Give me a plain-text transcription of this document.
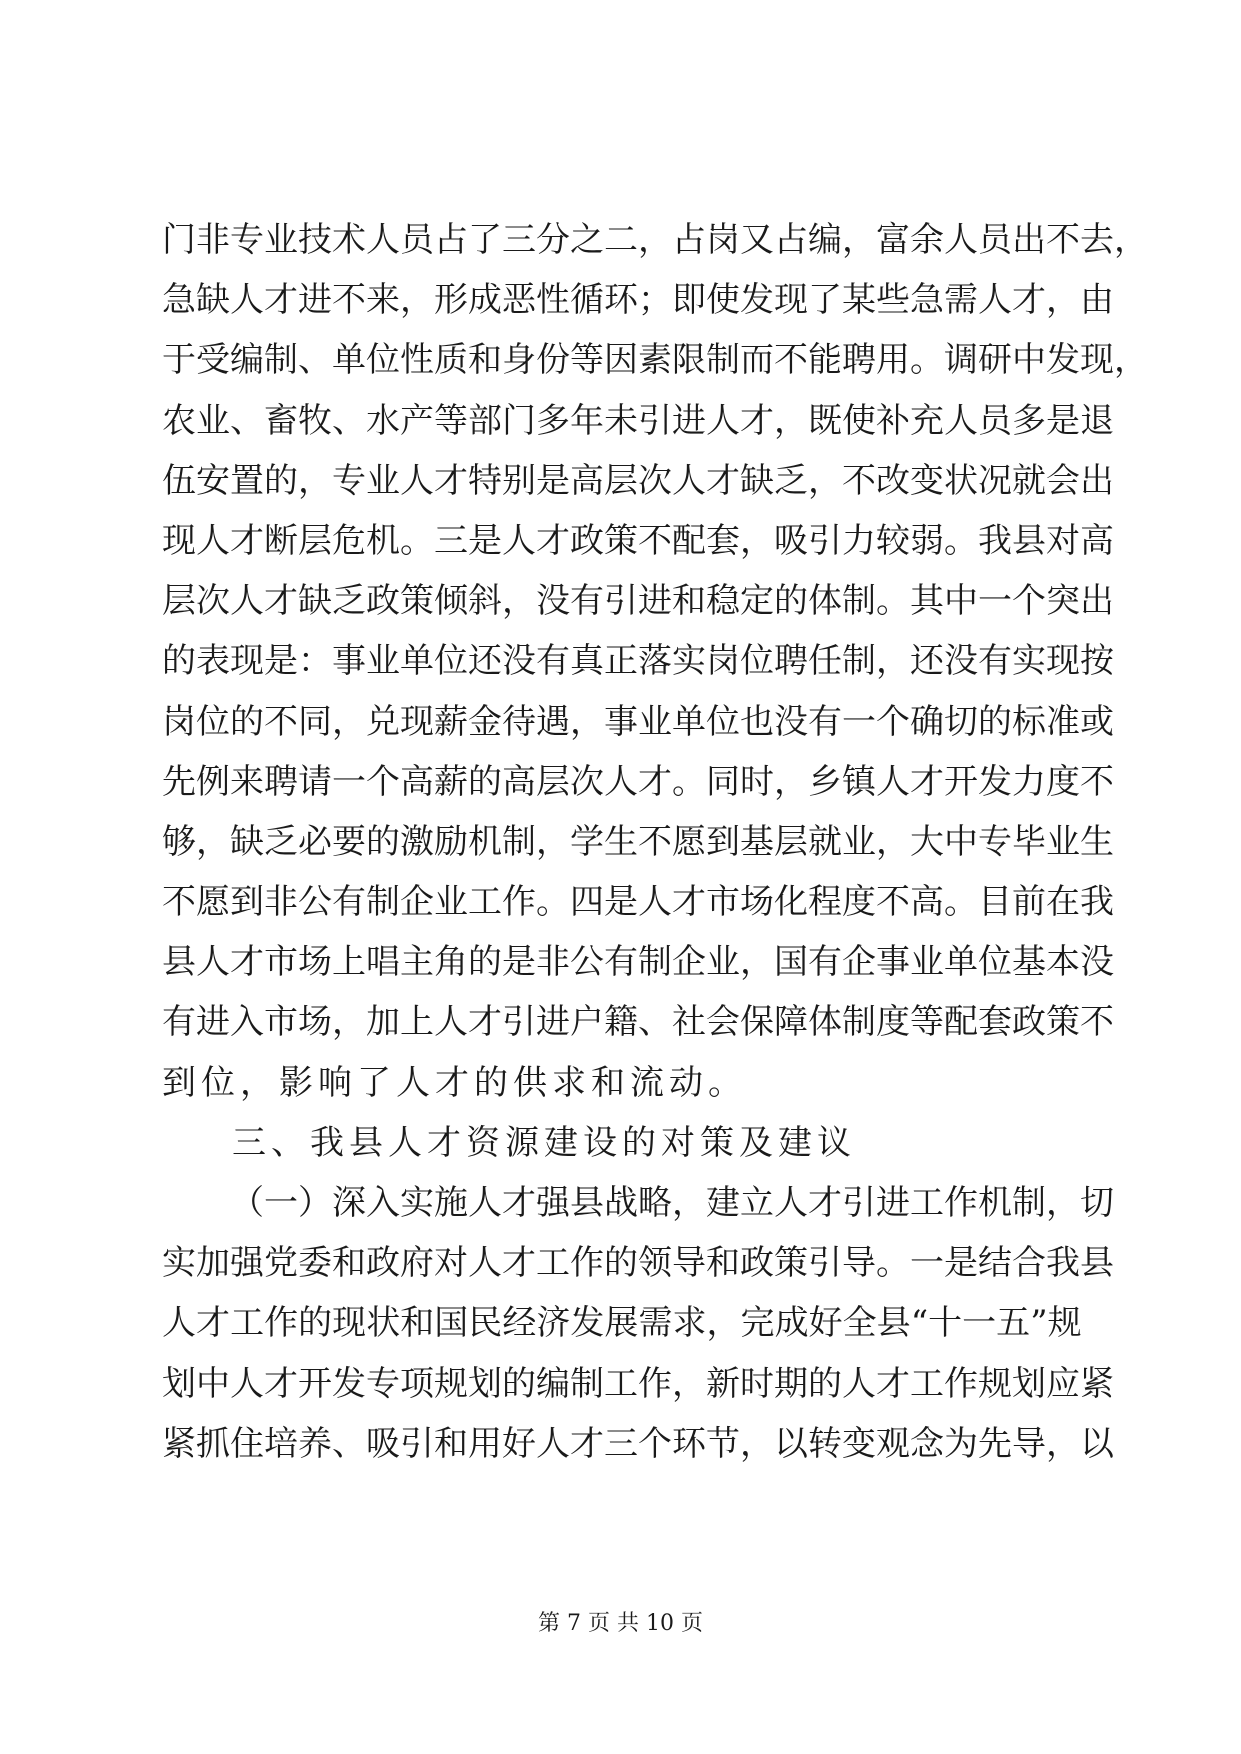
门 非 专 业 技 术 人 员 占 了 三 分 之 二 ， 占 岗 又 占 编 ， 富 余 人 员 出 不 去 ，
急 缺 人 才 进 不 来 ， 形 成 恶 性 循 环 ； 即 使 发 现 了 某 些 急 需 人 才 ， 由
于 受 编 制 、 单 位 性 质 和 身 份 等 因 素 限 制 而 不 能 聘 用 。 调 研 中 发 现 ，
农 业 、 畜 牧 、 水 产 等 部 门 多 年 未 引 进 人 才 ， 既 使 补 充 人 员 多 是 退
伍 安 置 的 ， 专 业 人 才 特 别 是 高 层 次 人 才 缺 乏 ， 不 改 变 状 况 就 会 出
现 人 才 断 层 危 机 。 三 是 人 才 政 策 不 配 套 ， 吸 引 力 较 弱 。 我 县 对 高
层 次 人 才 缺 乏 政 策 倾 斜 ， 没 有 引 进 和 稳 定 的 体 制 。 其 中 一 个 突 出
的 表 现 是 ： 事 业 单 位 还 没 有 真 正 落 实 岗 位 聘 任 制 ， 还 没 有 实 现 按
岗 位 的 不 同 ， 兑 现 薪 金 待 遇 ， 事 业 单 位 也 没 有 一 个 确 切 的 标 准 或
先 例 来 聘 请 一 个 高 薪 的 高 层 次 人 才 。 同 时 ， 乡 镇 人 才 开 发 力 度 不
够 ， 缺 乏 必 要 的 激 励 机 制 ， 学 生 不 愿 到 基 层 就 业 ， 大 中 专 毕 业 生
不 愿 到 非 公 有 制 企 业 工 作 。 四 是 人 才 市 场 化 程 度 不 高 。 目 前 在 我
县 人 才 市 场 上 唱 主 角 的 是 非 公 有 制 企 业 ， 国 有 企 事 业 单 位 基 本 没
有 进 入 市 场 ， 加 上 人 才 引 进 户 籍 、 社 会 保 障 体 制 度 等 配 套 政 策 不
到位，影响了人才的供求和流动。
三、我县人才资源建设的对策及建议
（ 一 ） 深 入 实 施 人 才 强 县 战 略 ， 建 立 人 才 引 进 工 作 机 制 ， 切
实 加 强 党 委 和 政 府 对 人 才 工 作 的 领 导 和 政 策 引 导 。 一 是 结 合 我 县
人 才 工 作 的 现 状 和 国 民 经 济 发 展 需 求 ， 完 成 好 全 县 “ 十 一 五 ” 规
划 中 人 才 开 发 专 项 规 划 的 编 制 工 作 ， 新 时 期 的 人 才 工 作 规 划 应 紧
紧 抓 住 培 养 、 吸 引 和 用 好 人 才 三 个 环 节 ， 以 转 变 观 念 为 先 导 ， 以
第 7 页 共 10 页
